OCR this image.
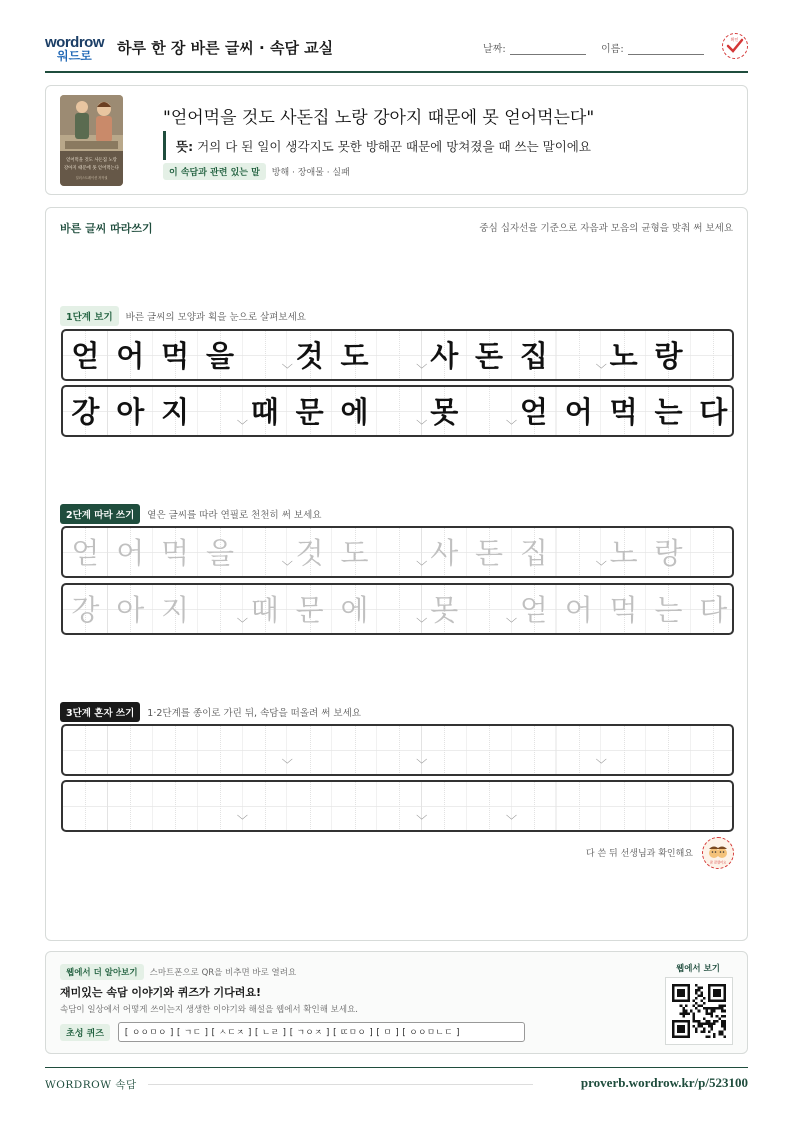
wordrow
워드로 하루 한 장 바른 글씨 · 속담 교실	날짜:	이름:
확인
얻어먹을 것도 사돈집 노랑
강아지 때문에 못 얻어먹는다
일러스트레이션 저작권
"얻어먹을 것도 사돈집 노랑 강아지 때문에 못 얻어먹는다"
뜻: 거의 다 된 일이 생각지도 못한 방해꾼 때문에 망쳐졌을 때 쓰는 말이에요
이 속담과 관련 있는 말 방해 · 장애물 · 실패
바른 글씨 따라쓰기	중심 십자선을 기준으로 자음과 모음의 균형을 맞춰 써 보세요
1단계 보기 바른 글씨의 모양과 획을 눈으로 살펴보세요
얻 어 먹 을	﹀ 것 도	﹀ 사 돈 집	﹀ 노 랑
강 아 지	﹀ 때 문 에	﹀ 못	﹀ 얻 어 먹 는 다
2단계 따라 쓰기 옅은 글씨를 따라 연필로 천천히 써 보세요
얻 어 먹 을	﹀ 것 도	﹀ 사 돈 집	﹀ 노 랑
강 아 지	﹀ 때 문 에	﹀ 못	﹀ 얻 어 먹 는 다
3단계 혼자 쓰기 1·2단계를 종이로 가린 뒤, 속담을 떠올려 써 보세요
﹀	﹀	﹀
﹀	﹀	﹀
다 쓴 뒤 선생님과 확인해요
참 잘했어요
웹에서 더 알아보기 스마트폰으로 QR을 비추면 바로 열려요
재미있는 속담 이야기와 퀴즈가 기다려요!
속담이 일상에서 어떻게 쓰이는지 생생한 이야기와 해설을 웹에서 확인해 보세요.
초성 퀴즈 [ ㅇㅇㅁㅇ ] [ ㄱㄷ ] [ ㅅㄷㅈ ] [ ㄴㄹ ] [ ㄱㅇㅈ ] [ ㄸㅁㅇ ] [ ㅁ ] [ ㅇㅇㅁㄴㄷ ]
웹에서 보기
WORDROW 속담	proverb.wordrow.kr/p/523100
